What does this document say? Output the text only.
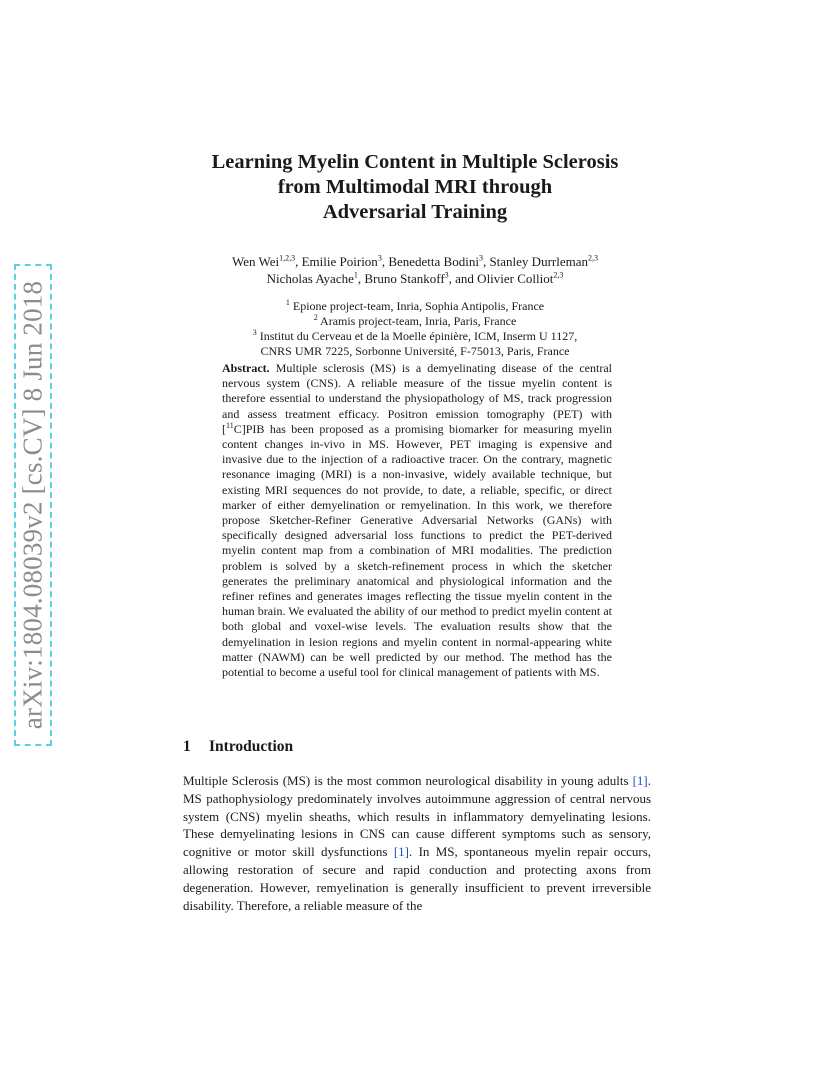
arXiv:1804.08039v2 [cs.CV] 8 Jun 2018
Learning Myelin Content in Multiple Sclerosis
from Multimodal MRI through
Adversarial Training
Wen Wei$^{1,2,3}$, Emilie Poirion$^3$, Benedetta Bodini$^3$, Stanley Durrleman$^{2,3}$
Nicholas Ayache$^1$, Bruno Stankoff$^3$, and Olivier Colliot$^{2,3}$
$^1$ Epione project-team, Inria, Sophia Antipolis, France
$^2$ Aramis project-team, Inria, Paris, France
$^3$ Institut du Cerveau et de la Moelle épinière, ICM, Inserm U 1127,
CNRS UMR 7225, Sorbonne Université, F-75013, Paris, France
Abstract. Multiple sclerosis (MS) is a demyelinating disease of the central nervous system (CNS). A reliable measure of the tissue myelin content is therefore essential to understand the physiopathology of MS, track progression and assess treatment efficacy. Positron emission tomography (PET) with [$^{11}$C]PIB has been proposed as a promising biomarker for measuring myelin content changes in-vivo in MS. However, PET imaging is expensive and invasive due to the injection of a radioactive tracer. On the contrary, magnetic resonance imaging (MRI) is a non-invasive, widely available technique, but existing MRI sequences do not provide, to date, a reliable, specific, or direct marker of either demyelination or remyelination. In this work, we therefore propose Sketcher-Refiner Generative Adversarial Networks (GANs) with specifically designed adversarial loss functions to predict the PET-derived myelin content map from a combination of MRI modalities. The prediction problem is solved by a sketch-refinement process in which the sketcher generates the preliminary anatomical and physiological information and the refiner refines and generates images reflecting the tissue myelin content in the human brain. We evaluated the ability of our method to predict myelin content at both global and voxel-wise levels. The evaluation results show that the demyelination in lesion regions and myelin content in normal-appearing white matter (NAWM) can be well predicted by our method. The method has the potential to become a useful tool for clinical management of patients with MS.
1 Introduction
Multiple Sclerosis (MS) is the most common neurological disability in young adults [1]. MS pathophysiology predominately involves autoimmune aggression of central nervous system (CNS) myelin sheaths, which results in inflammatory demyelinating lesions. These demyelinating lesions in CNS can cause different symptoms such as sensory, cognitive or motor skill dysfunctions [1]. In MS, spontaneous myelin repair occurs, allowing restoration of secure and rapid conduction and protecting axons from degeneration. However, remyelination is generally insufficient to prevent irreversible disability. Therefore, a reliable measure of the
